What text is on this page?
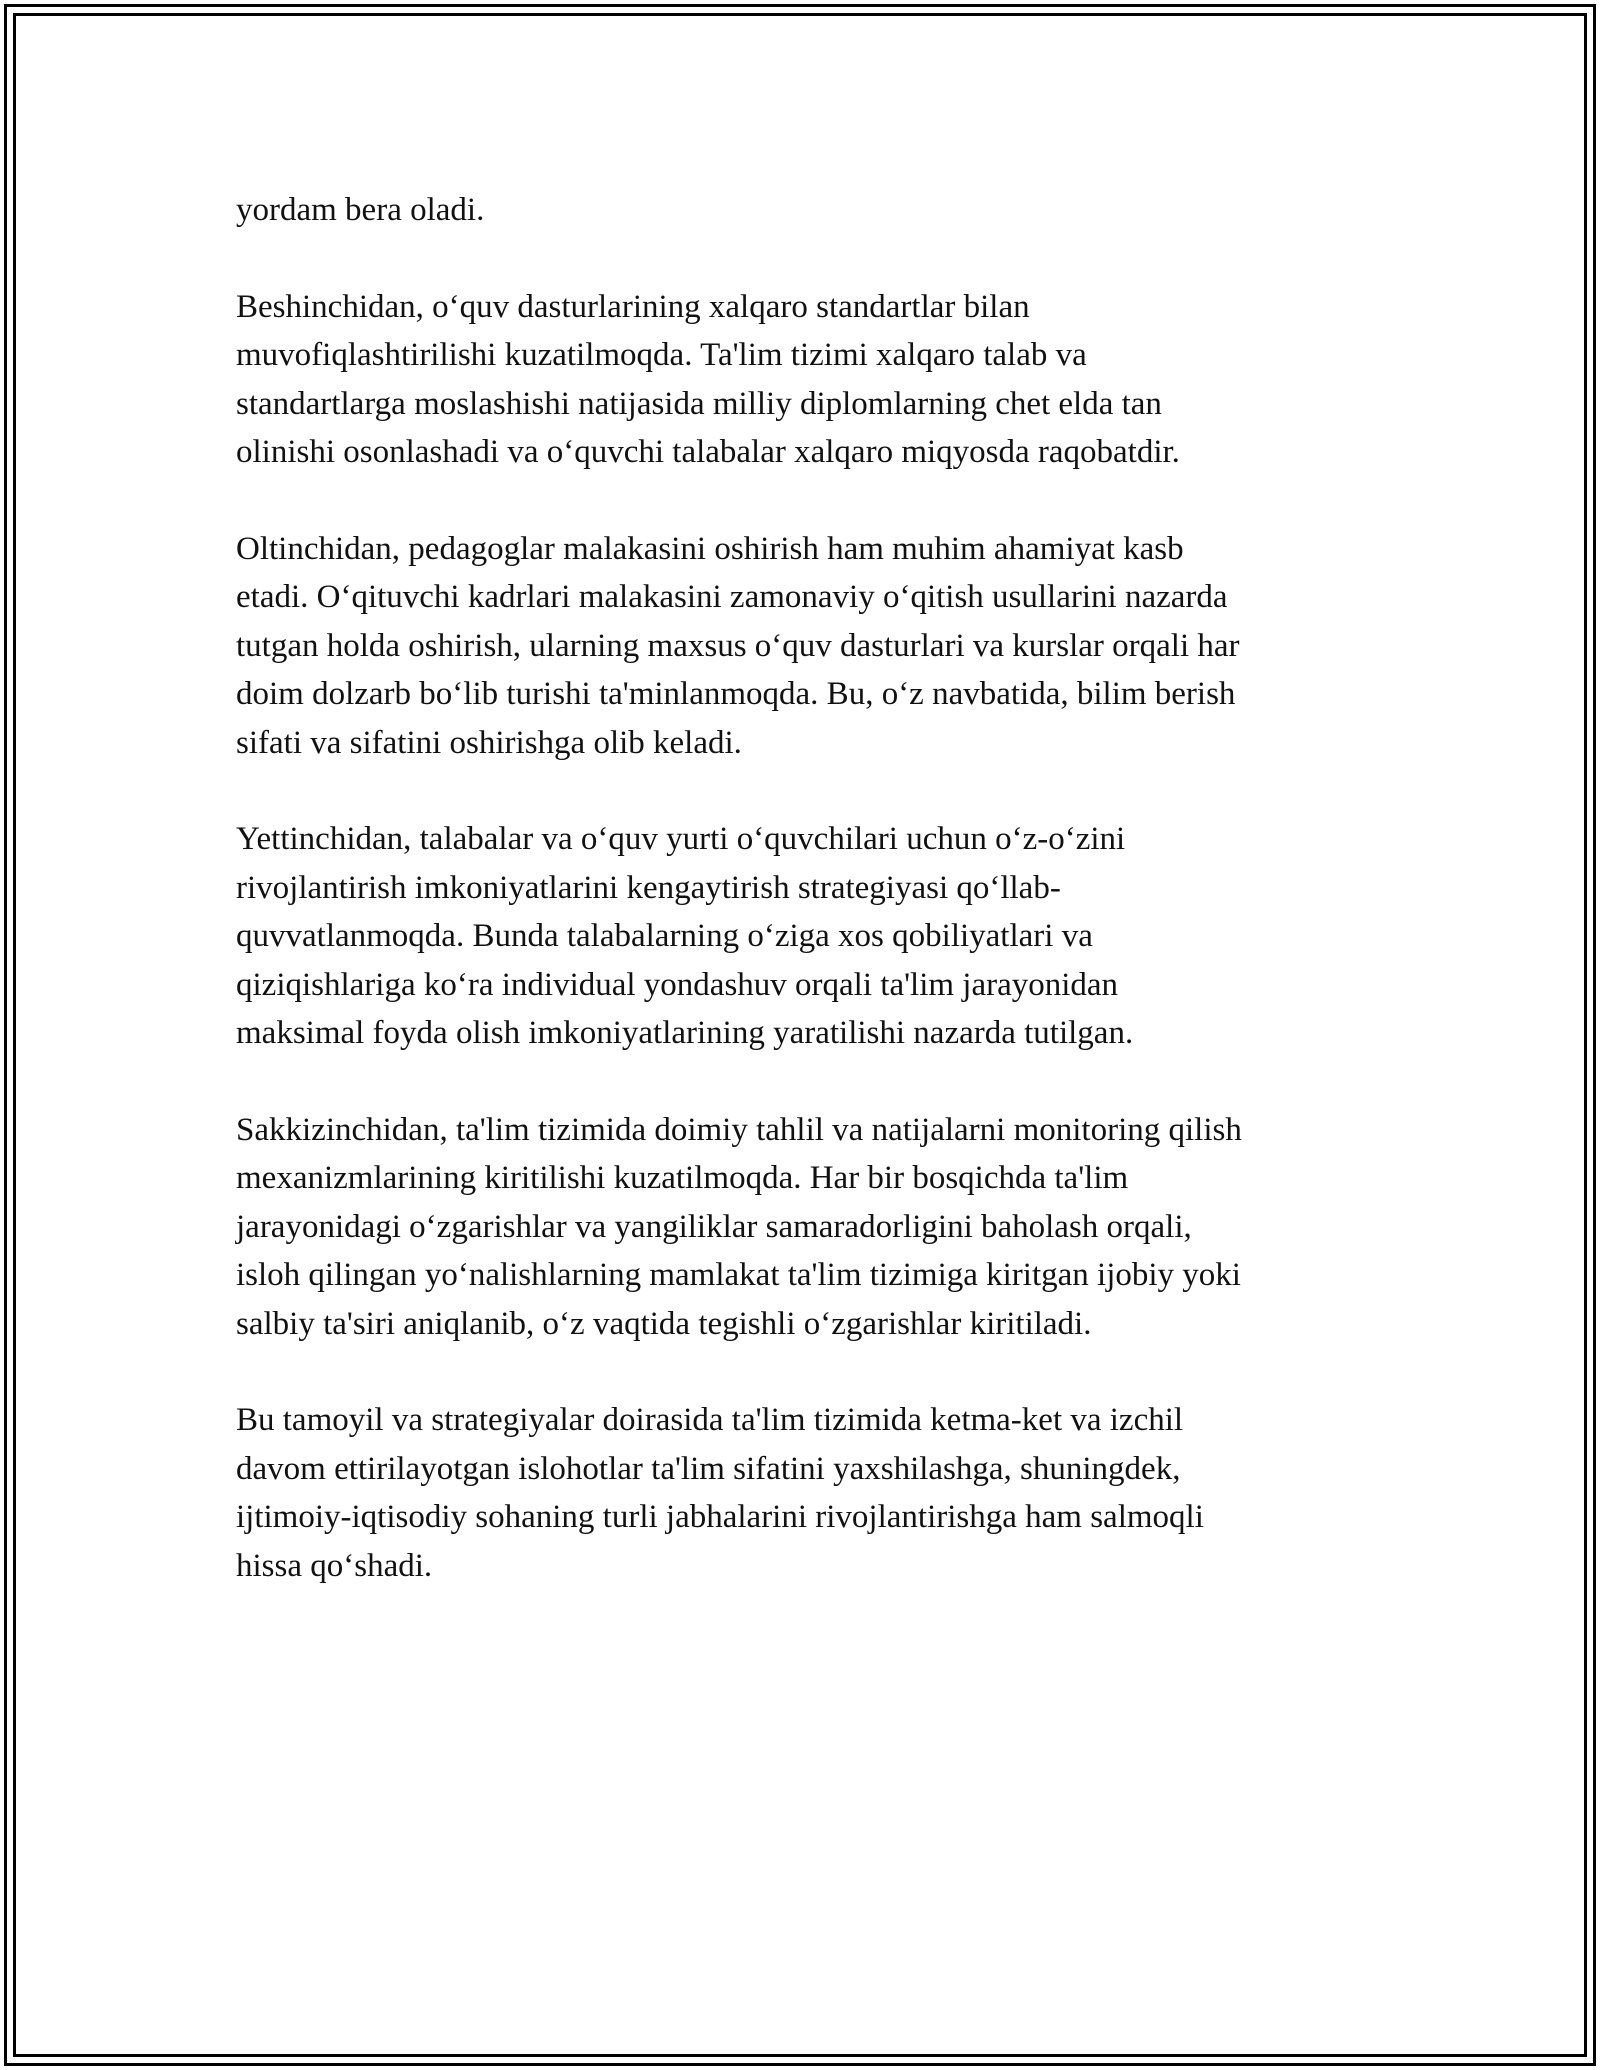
yordam bera oladi.

Beshinchidan, o‘quv dasturlarining xalqaro standartlar bilan
muvofiqlashtirilishi kuzatilmoqda. Ta'lim tizimi xalqaro talab va
standartlarga moslashishi natijasida milliy diplomlarning chet elda tan
olinishi osonlashadi va o‘quvchi talabalar xalqaro miqyosda raqobatdir.

Oltinchidan, pedagoglar malakasini oshirish ham muhim ahamiyat kasb
etadi. O‘qituvchi kadrlari malakasini zamonaviy o‘qitish usullarini nazarda
tutgan holda oshirish, ularning maxsus o‘quv dasturlari va kurslar orqali har
doim dolzarb bo‘lib turishi ta'minlanmoqda. Bu, o‘z navbatida, bilim berish
sifati va sifatini oshirishga olib keladi.

Yettinchidan, talabalar va o‘quv yurti o‘quvchilari uchun o‘z-o‘zini
rivojlantirish imkoniyatlarini kengaytirish strategiyasi qo‘llab-
quvvatlanmoqda. Bunda talabalarning o‘ziga xos qobiliyatlari va
qiziqishlariga ko‘ra individual yondashuv orqali ta'lim jarayonidan
maksimal foyda olish imkoniyatlarining yaratilishi nazarda tutilgan.

Sakkizinchidan, ta'lim tizimida doimiy tahlil va natijalarni monitoring qilish
mexanizmlarining kiritilishi kuzatilmoqda. Har bir bosqichda ta'lim
jarayonidagi o‘zgarishlar va yangiliklar samaradorligini baholash orqali,
isloh qilingan yo‘nalishlarning mamlakat ta'lim tizimiga kiritgan ijobiy yoki
salbiy ta'siri aniqlanib, o‘z vaqtida tegishli o‘zgarishlar kiritiladi.

Bu tamoyil va strategiyalar doirasida ta'lim tizimida ketma-ket va izchil
davom ettirilayotgan islohotlar ta'lim sifatini yaxshilashga, shuningdek,
ijtimoiy-iqtisodiy sohaning turli jabhalarini rivojlantirishga ham salmoqli
hissa qo‘shadi.
